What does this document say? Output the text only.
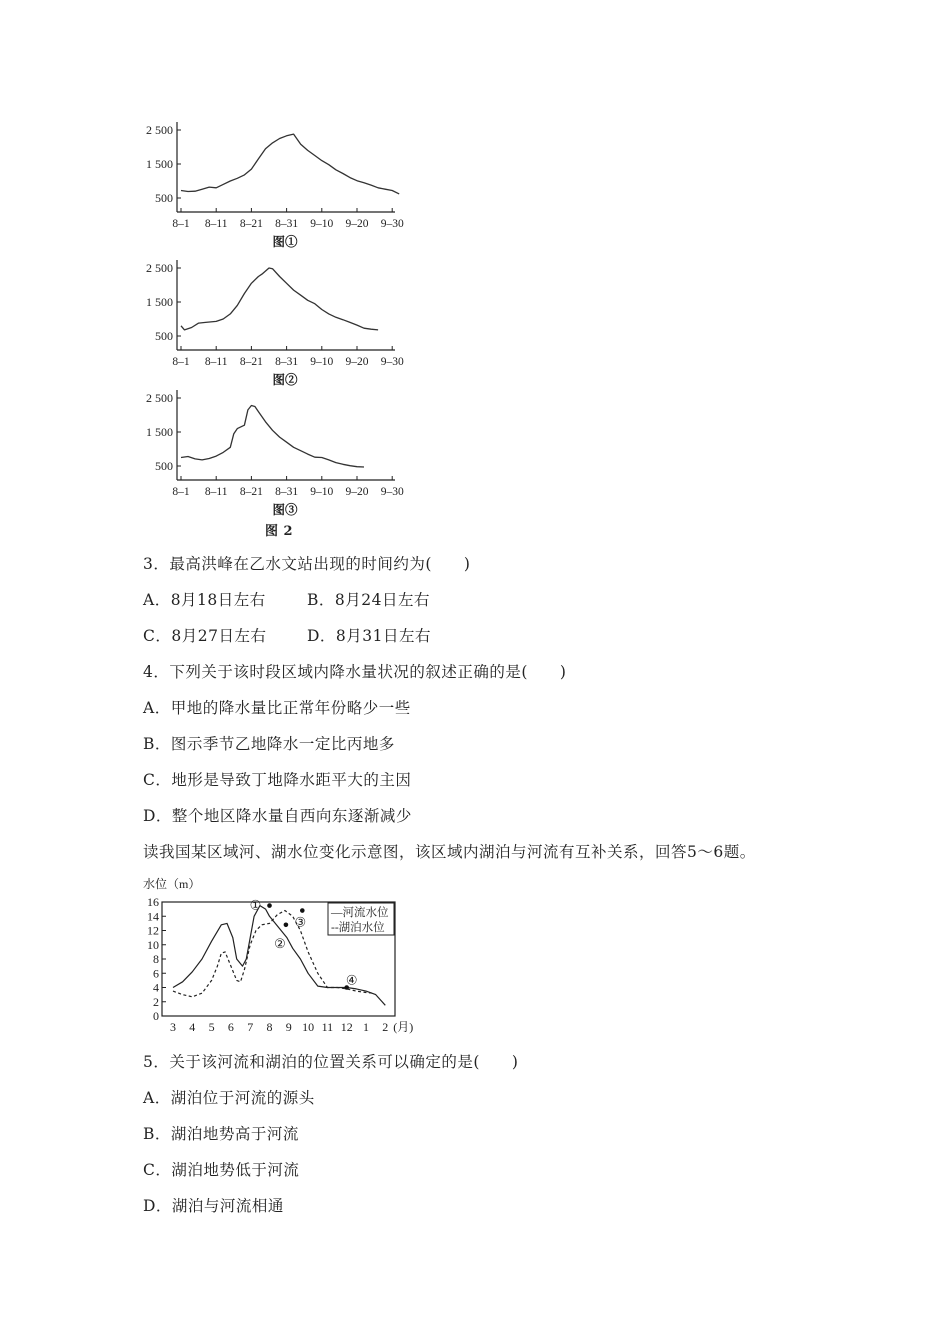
2 500
1 500
500
8–1 8–11 8–21 8–31 9–10 9–20 9–30
图①
2 500
1 500
500
8–1 8–11 8–21 8–31 9–10 9–20 9–30
图②
2 500
1 500
500
8–1 8–11 8–21 8–31 9–10 9–20 9–30
图③
图 2
3．最高洪峰在乙水文站出现的时间约为(　　)
A．8月18日左右	B．8月24日左右
C．8月27日左右	D．8月31日左右
4．下列关于该时段区域内降水量状况的叙述正确的是(　　)
A．甲地的降水量比正常年份略少一些
B．图示季节乙地降水一定比丙地多
C．地形是导致丁地降水距平大的主因
D．整个地区降水量自西向东逐渐减少
读我国某区域河、湖水位变化示意图，该区域内湖泊与河流有互补关系，回答5～6题。
水位（m）
0
2
4
6
8
10
12
14
16
3 4 5 6 7 8 9 10 11 12 1 2 (月)
①
②
③
④
—河流水位
--湖泊水位
5．关于该河流和湖泊的位置关系可以确定的是(　　)
A．湖泊位于河流的源头
B．湖泊地势高于河流
C．湖泊地势低于河流
D．湖泊与河流相通
